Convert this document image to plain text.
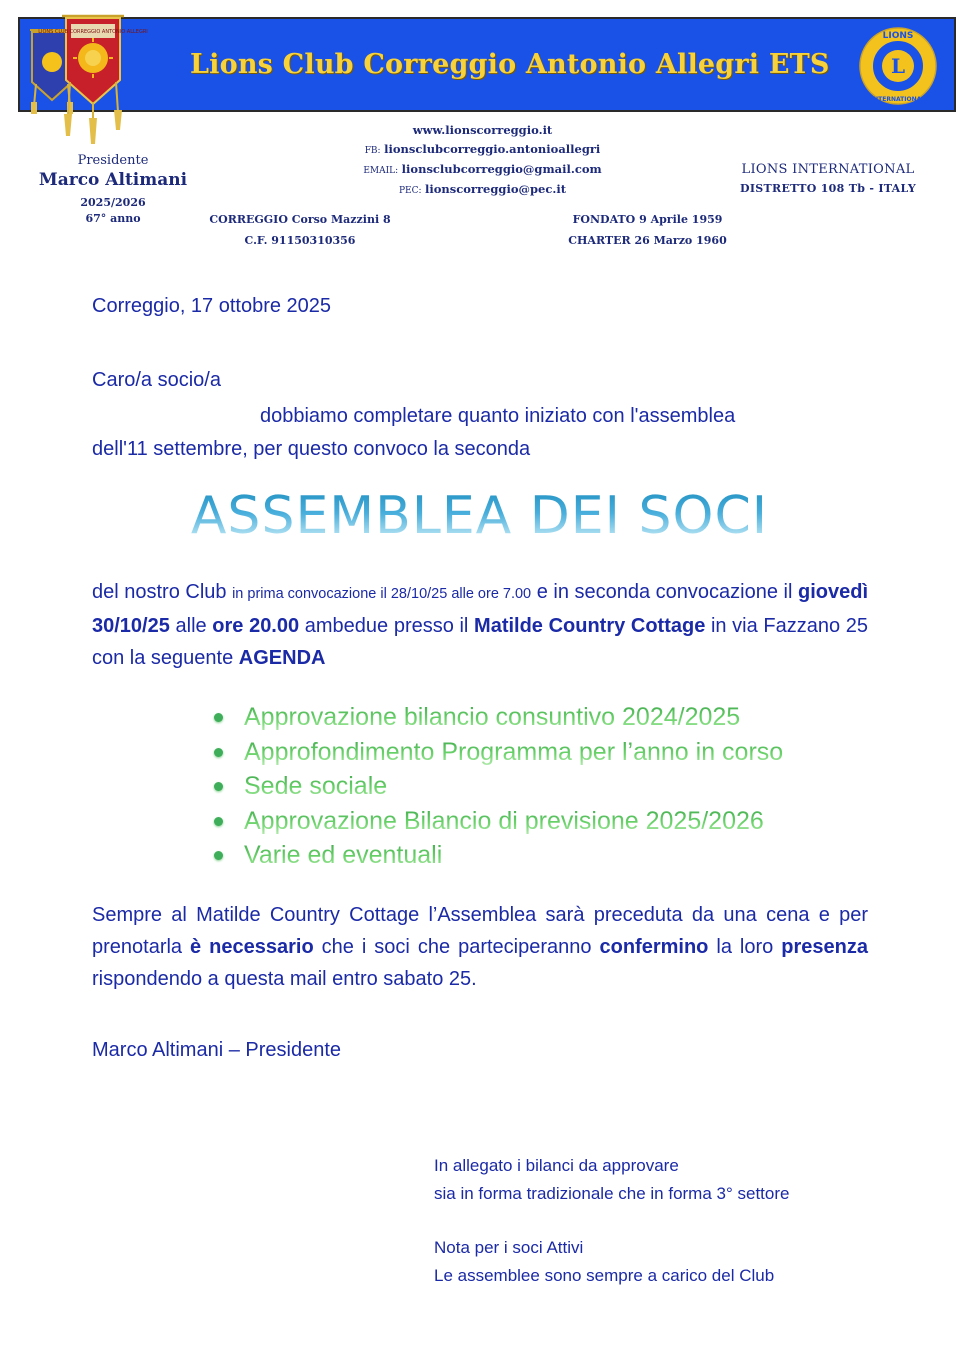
Lions Club Correggio Antonio Allegri ETS
LIONS CLUB CORREGGIO ANTONIO ALLEGRI
L
LIONS
INTERNATIONAL
Presidente
Marco Altimani
2025/2026
67° anno
www.lionscorreggio.it
FB: lionsclubcorreggio.antonioallegri
EMAIL: lionsclubcorreggio@gmail.com
PEC: lionscorreggio@pec.it
CORREGGIO Corso Mazzini 8
C.F. 91150310356
FONDATO 9 Aprile 1959
CHARTER 26 Marzo 1960
LIONS INTERNATIONAL
DISTRETTO 108 Tb - ITALY
Correggio, 17 ottobre 2025
Caro/a socio/a
dobbiamo completare quanto iniziato con l'assemblea
dell'11 settembre, per questo convoco la seconda
ASSEMBLEA DEI SOCI
del nostro Club in prima convocazione il 28/10/25 alle ore 7.00 e in seconda convocazione il giovedì 30/10/25 alle ore 20.00 ambedue presso il Matilde Country Cottage in via Fazzano 25 con la seguente AGENDA
Approvazione bilancio consuntivo 2024/2025
Approfondimento Programma per l’anno in corso
Sede sociale
Approvazione Bilancio di previsione 2025/2026
Varie ed eventuali
Sempre al Matilde Country Cottage l’Assemblea sarà preceduta da una cena e per prenotarla è necessario che i soci che parteciperanno confermino la loro presenza rispondendo a questa mail entro sabato 25.
Marco Altimani – Presidente
In allegato i bilanci da approvare
sia in forma tradizionale che in forma 3° settore
Nota per i soci Attivi
Le assemblee sono sempre a carico del Club
